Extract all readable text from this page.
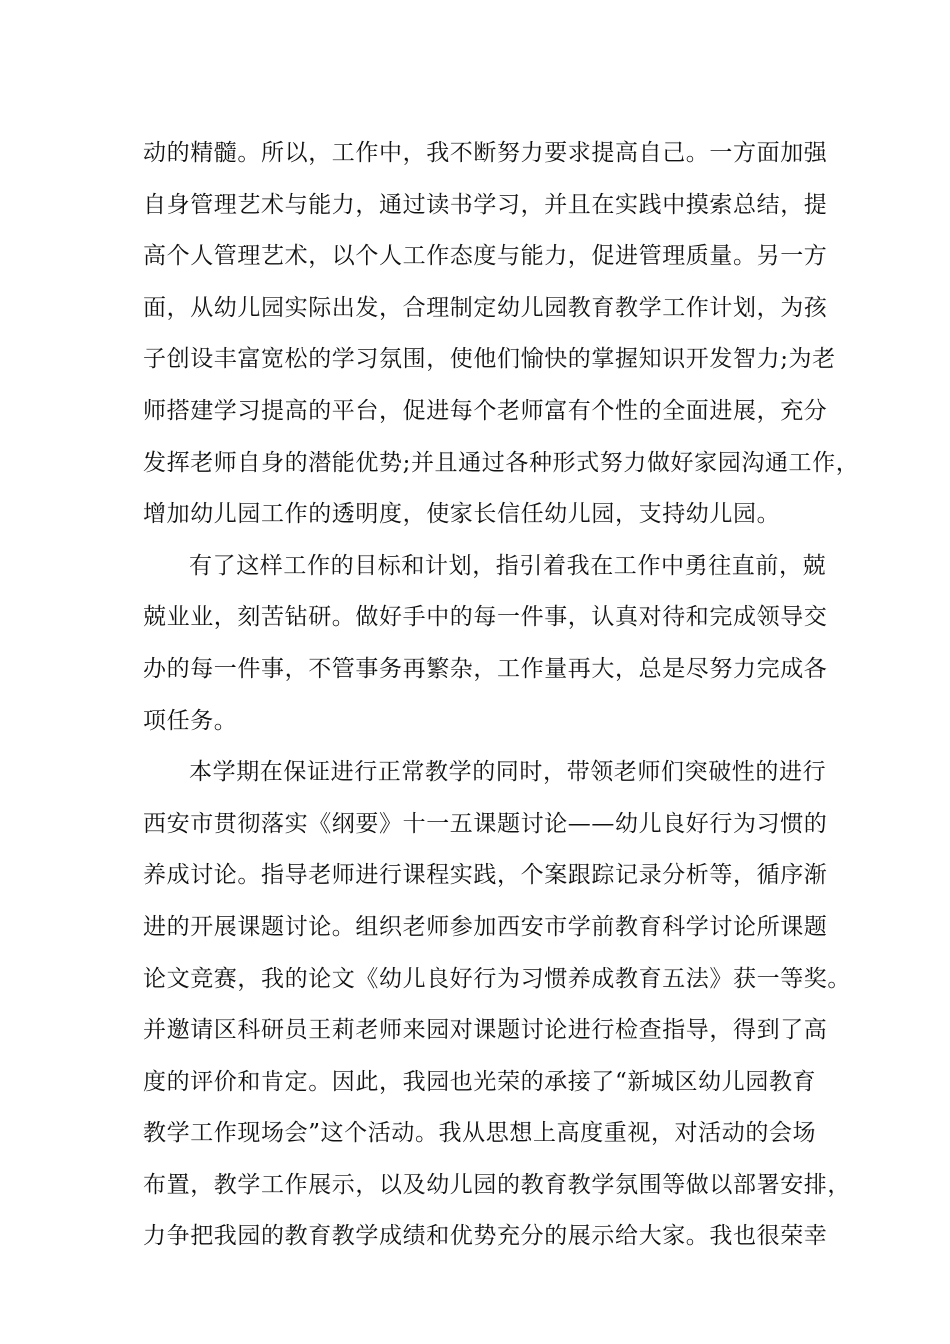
动的精髓。所以，工作中，我不断努力要求提高自己。一方面加强
自身管理艺术与能力，通过读书学习，并且在实践中摸索总结，提
高个人管理艺术，以个人工作态度与能力，促进管理质量。另一方
面，从幼儿园实际出发，合理制定幼儿园教育教学工作计划，为孩
子创设丰富宽松的学习氛围，使他们愉快的掌握知识开发智力;为老
师搭建学习提高的平台，促进每个老师富有个性的全面进展，充分
发挥老师自身的潜能优势;并且通过各种形式努力做好家园沟通工作，
增加幼儿园工作的透明度，使家长信任幼儿园，支持幼儿园。
有了这样工作的目标和计划，指引着我在工作中勇往直前，兢
兢业业，刻苦钻研。做好手中的每一件事，认真对待和完成领导交
办的每一件事，不管事务再繁杂，工作量再大，总是尽努力完成各
项任务。
本学期在保证进行正常教学的同时，带领老师们突破性的进行
西安市贯彻落实《纲要》十一五课题讨论——幼儿良好行为习惯的
养成讨论。指导老师进行课程实践，个案跟踪记录分析等，循序渐
进的开展课题讨论。组织老师参加西安市学前教育科学讨论所课题
论文竞赛，我的论文《幼儿良好行为习惯养成教育五法》获一等奖。
并邀请区科研员王莉老师来园对课题讨论进行检查指导，得到了高
度的评价和肯定。因此，我园也光荣的承接了“新城区幼儿园教育
教学工作现场会”这个活动。我从思想上高度重视，对活动的会场
布置，教学工作展示，以及幼儿园的教育教学氛围等做以部署安排，
力争把我园的教育教学成绩和优势充分的展示给大家。我也很荣幸
